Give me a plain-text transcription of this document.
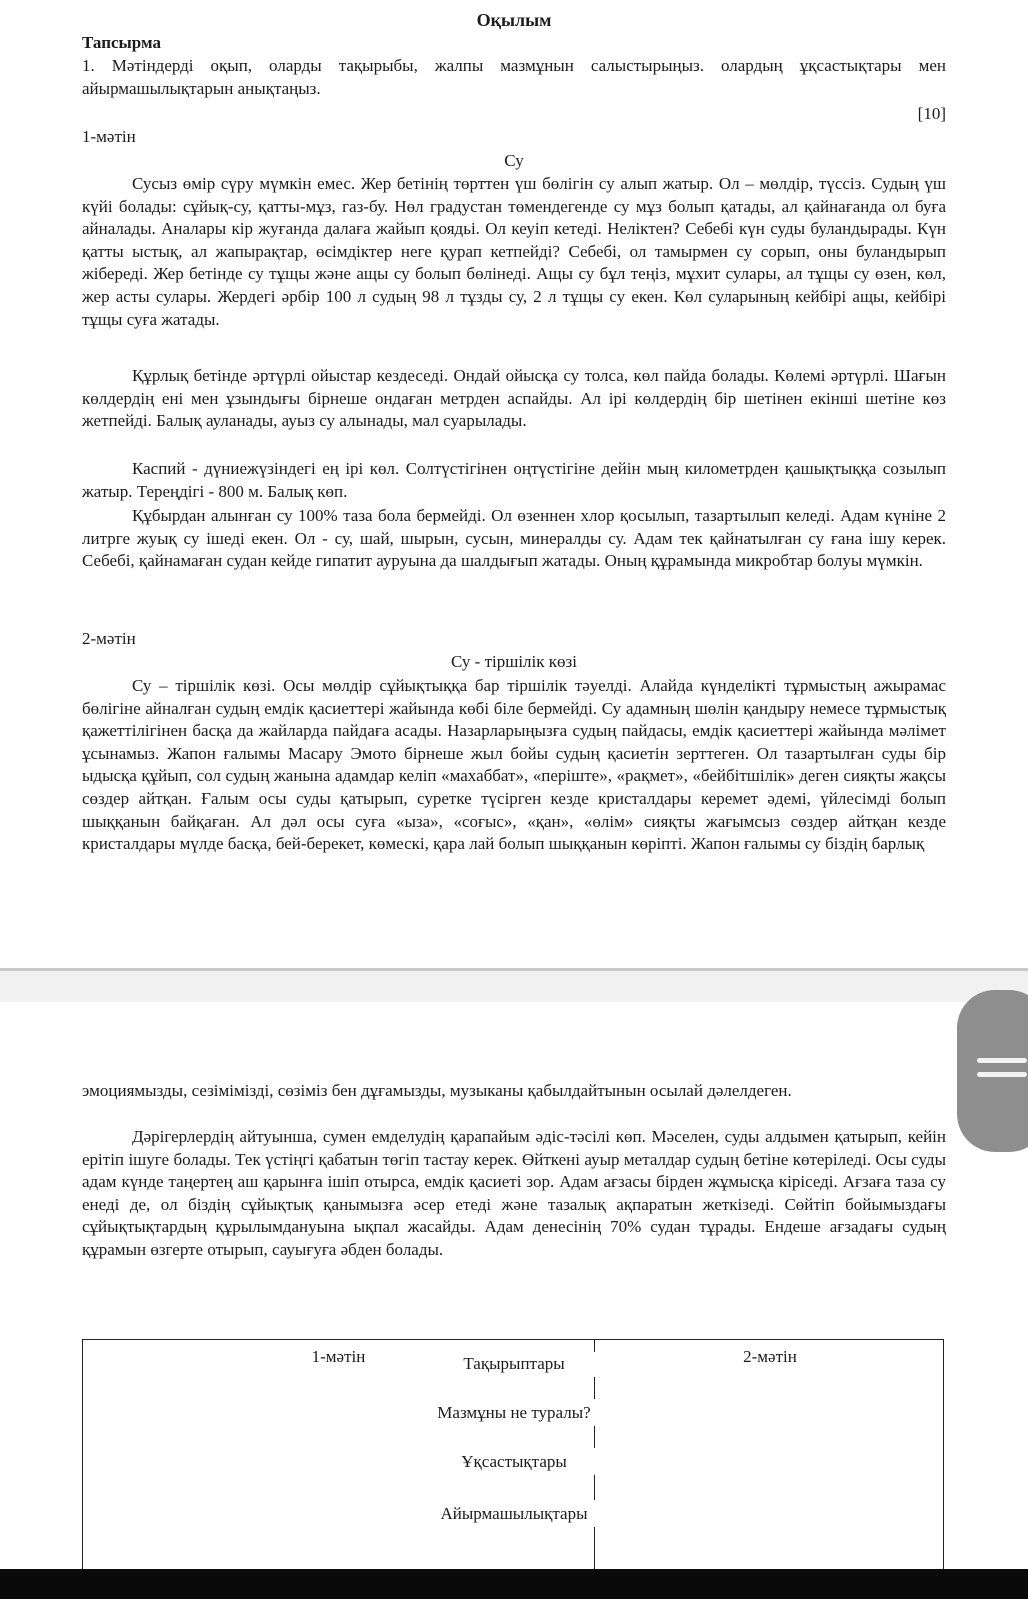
Оқылым
Тапсырма

1. Мәтіндерді оқып, оларды тақырыбы, жалпы мазмұнын салыстырыңыз. олардың ұқсастықтары мен айырмашылықтарын анықтаңыз.

[10]
1-мәтін
Су

Сусыз өмір сүру мүмкін емес. Жер бетінің төрттен үш бөлігін су алып жатыр. Ол – мөлдір, түссіз. Судың үш күйі болады: сұйық-су, қатты-мұз, газ-бу. Нөл градустан төмендегенде су мұз болып қатады, ал қайнағанда ол буға айналады. Аналары кір жуғанда далаға жайып қоядьі. Ол кеуіп кетеді. Неліктен? Себебі күн суды буландырады. Күн қатты ыстық, ал жапырақтар, өсімдіктер неге қурап кетпейді? Себебі, ол тамырмен су сорып, оны буландырып жібереді. Жер бетінде су тұщы және ащы су болып бөлінеді. Ащы су бұл теңіз, мұхит сулары, ал тұщы су өзен, көл, жер асты сулары. Жердегі әрбір 100 л судың 98 л тұзды су, 2 л тұщы су екен. Көл суларының кейбірі ащы, кейбірі тұщы суға жатады.

Құрлық бетінде әртүрлі ойыстар кездеседі. Ондай ойысқа су толса, көл пайда болады. Көлемі әртүрлі. Шағын көлдердің ені мен ұзындығы бірнеше ондаған метрден аспайды. Ал ірі көлдердің бір шетінен екінші шетіне көз жетпейді. Балық ауланады, ауыз су алынады, мал суарылады.

Каспий - дүниежүзіндегі ең ірі көл. Солтүстігінен оңтүстігіне дейін мың километрден қашықтыққа созылып жатыр. Тереңдігі - 800 м. Балық көп.

Құбырдан алынған су 100% таза бола бермейді. Ол өзеннен хлор қосылып, тазартылып келеді. Адам күніне 2 литрге жуық су ішеді екен. Ол - су, шай, шырын, сусын, минералды су. Адам тек қайнатылған су ғана ішу керек. Себебі, қайнамаған судан кейде гипатит ауруына да шалдығып жатады. Оның құрамында микробтар болуы мүмкін.

2-мәтін
Су - тіршілік көзі

Су – тіршілік көзі. Осы мөлдір сұйықтыққа бар тіршілік тәуелді. Алайда күнделікті тұрмыстың ажырамас бөлігіне айналған судың емдік қасиеттері жайында көбі біле бермейді. Су адамның шөлін қандыру немесе тұрмыстық қажеттілігінен басқа да жайларда пайдаға асады. Назарларыңызға судың пайдасы, емдік қасиеттері жайында мәлімет ұсынамыз. Жапон ғалымы Масару Эмото бірнеше жыл бойы судың қасиетін зерттеген. Ол тазартылған суды бір ыдысқа құйып, сол судың жанына адамдар келіп «махаббат», «періште», «рақмет», «бейбітшілік» деген сияқты жақсы сөздер айтқан. Ғалым осы суды қатырып, суретке түсірген кезде кристалдары керемет әдемі, үйлесімді болып шыққанын байқаған. Ал дәл осы суға «ыза», «соғыс», «қан», «өлім» сияқты жағымсыз сөздер айтқан кезде кристалдары мүлде басқа, бей-берекет, көмескі, қара лай болып шыққанын көріпті. Жапон ғалымы су біздің барлық

эмоциямызды, сезімімізді, сөзіміз бен дұғамызды, музыканы қабылдайтынын осылай дәлелдеген.

Дәрігерлердің айтуынша, сумен емделудің қарапайым әдіс-тәсілі көп. Мәселен, суды алдымен қатырып, кейін ерітіп ішуге болады. Тек үстіңгі қабатын төгіп тастау керек. Өйткені ауыр металдар судың бетіне көтеріледі. Осы суды адам күнде таңертең аш қарынға ішіп отырса, емдік қасиеті зор. Адам ағзасы бірден жұмысқа кіріседі. Ағзаға таза су енеді де, ол біздің сұйықтық қанымызға әсер етеді және тазалық ақпаратын жеткізеді. Сөйтіп бойымыздағы сұйықтықтардың құрылымдануына ықпал жасайды. Адам денесінің 70% судан тұрады. Ендеше ағзадағы судың құрамын өзгерте отырып, сауығуға әбден болады.

1-мәтін	2-мәтін
Тақырыптары
Мазмұны не туралы?
Ұқсастықтары
Айырмашылықтары
